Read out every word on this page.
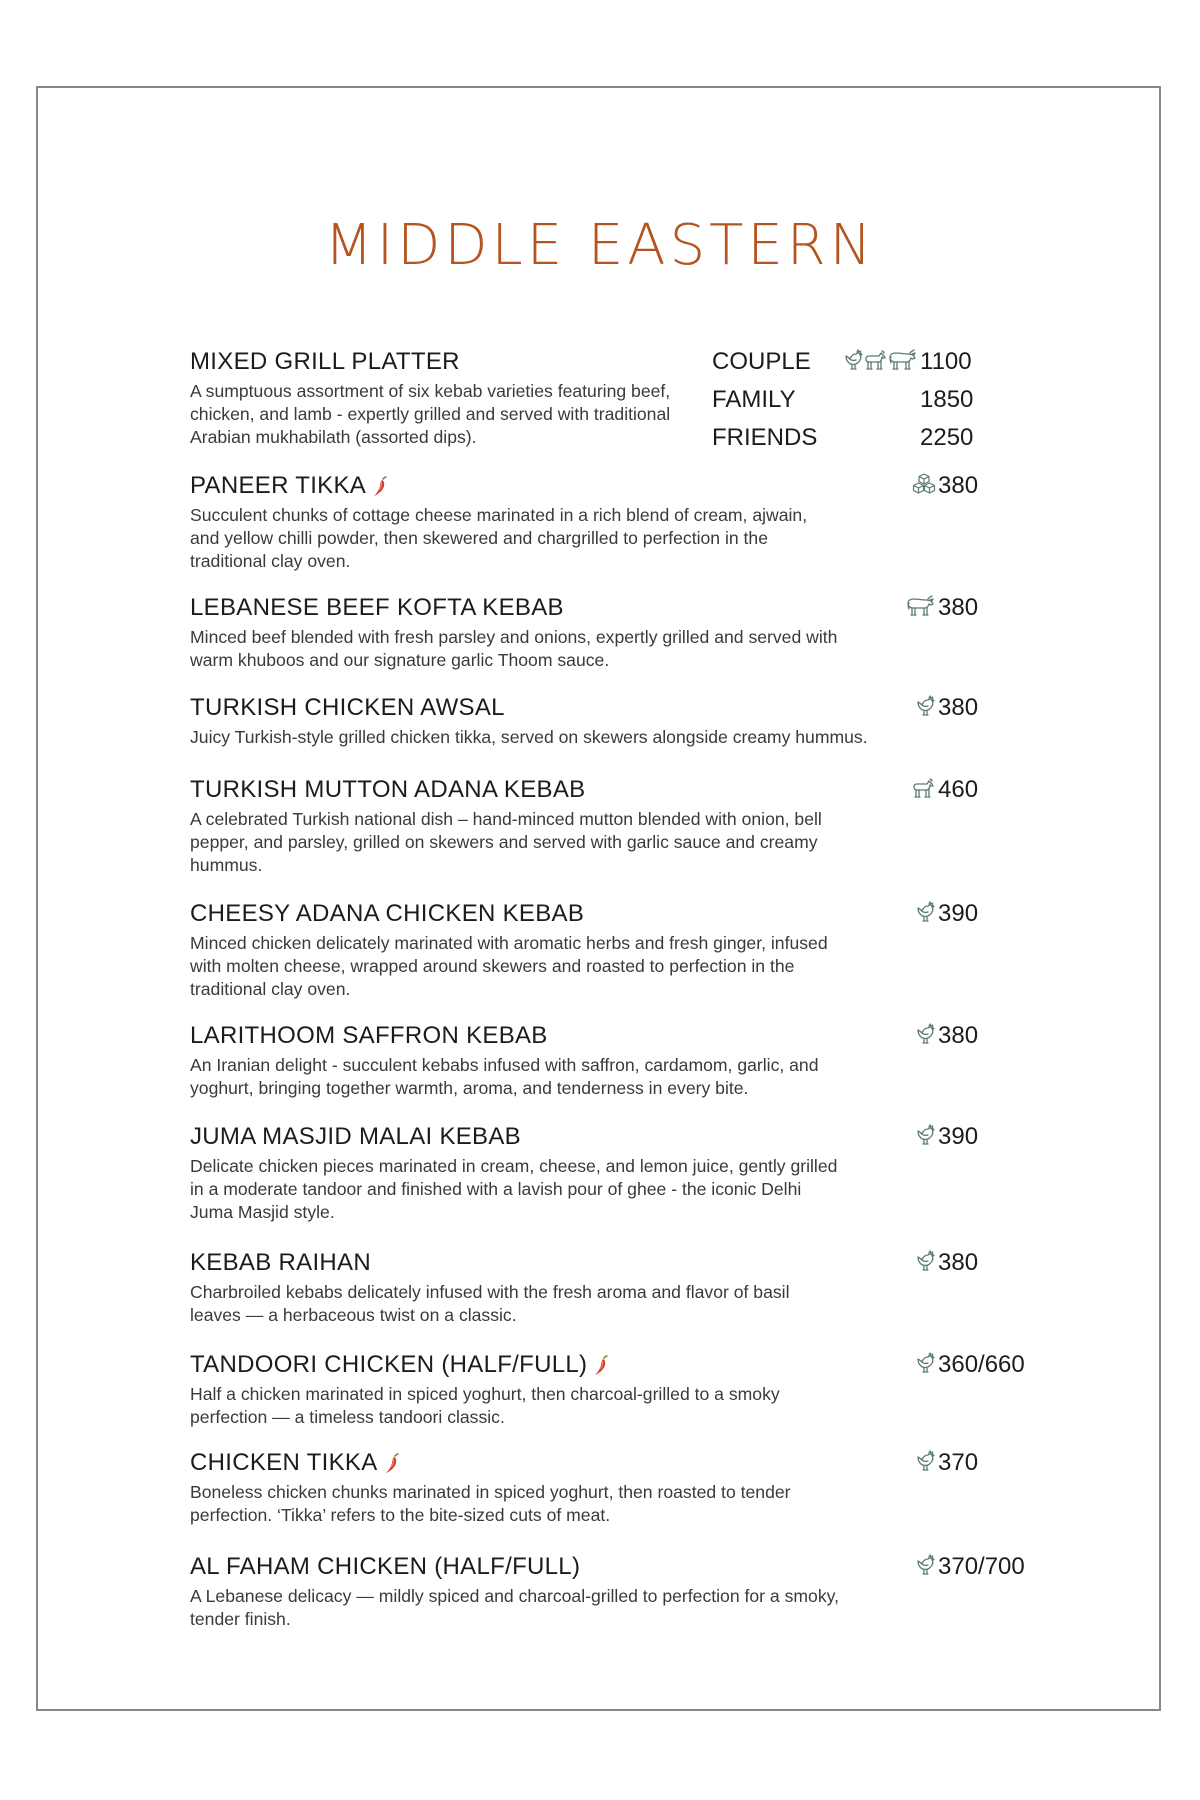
MIDDLE EASTERN
MIXED GRILL PLATTER
A sumptuous assortment of six kebab varieties featuring beef, chicken, and lamb - expertly grilled and served with traditional Arabian mukhabilath (assorted dips).
COUPLE	1100
FAMILY	1850
FRIENDS	2250
PANEER TIKKA
Succulent chunks of cottage cheese marinated in a rich blend of cream, ajwain, and yellow chilli powder, then skewered and chargrilled to perfection in the traditional clay oven.
380
LEBANESE BEEF KOFTA KEBAB
Minced beef blended with fresh parsley and onions, expertly grilled and served with warm khuboos and our signature garlic Thoom sauce.
380
TURKISH CHICKEN AWSAL
Juicy Turkish-style grilled chicken tikka, served on skewers alongside creamy hummus.
380
TURKISH MUTTON ADANA KEBAB
A celebrated Turkish national dish – hand-minced mutton blended with onion, bell pepper, and parsley, grilled on skewers and served with garlic sauce and creamy hummus.
460
CHEESY ADANA CHICKEN KEBAB
Minced chicken delicately marinated with aromatic herbs and fresh ginger, infused with molten cheese, wrapped around skewers and roasted to perfection in the traditional clay oven.
390
LARITHOOM SAFFRON KEBAB
An Iranian delight - succulent kebabs infused with saffron, cardamom, garlic, and yoghurt, bringing together warmth, aroma, and tenderness in every bite.
380
JUMA MASJID MALAI KEBAB
Delicate chicken pieces marinated in cream, cheese, and lemon juice, gently grilled in a moderate tandoor and finished with a lavish pour of ghee - the iconic Delhi Juma Masjid style.
390
KEBAB RAIHAN
Charbroiled kebabs delicately infused with the fresh aroma and flavor of basil leaves — a herbaceous twist on a classic.
380
TANDOORI CHICKEN (HALF/FULL)
Half a chicken marinated in spiced yoghurt, then charcoal-grilled to a smoky perfection — a timeless tandoori classic.
360/660
CHICKEN TIKKA
Boneless chicken chunks marinated in spiced yoghurt, then roasted to tender perfection. ‘Tikka’ refers to the bite-sized cuts of meat.
370
AL FAHAM CHICKEN (HALF/FULL)
A Lebanese delicacy — mildly spiced and charcoal-grilled to perfection for a smoky, tender finish.
370/700
